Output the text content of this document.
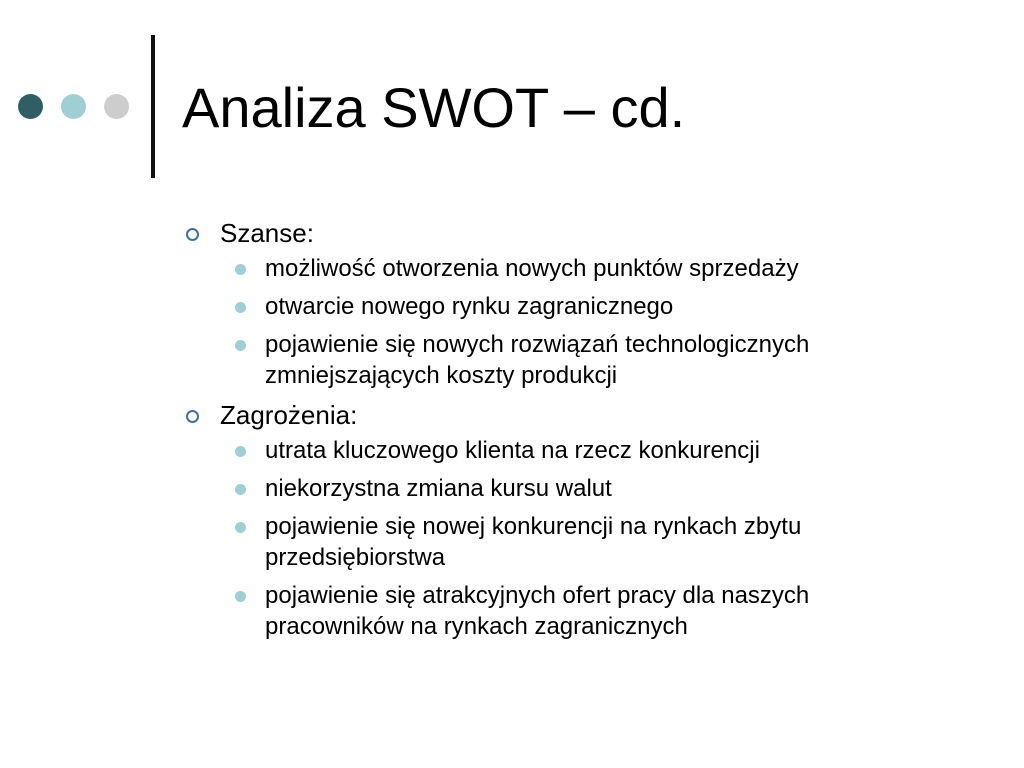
Analiza SWOT – cd.
Szanse:
możliwość otworzenia nowych punktów sprzedaży
otwarcie nowego rynku zagranicznego
pojawienie się nowych rozwiązań technologicznych zmniejszających koszty produkcji
Zagrożenia:
utrata kluczowego klienta na rzecz konkurencji
niekorzystna zmiana kursu walut
pojawienie się nowej konkurencji na rynkach zbytu przedsiębiorstwa
pojawienie się atrakcyjnych ofert pracy dla naszych pracowników na rynkach zagranicznych
